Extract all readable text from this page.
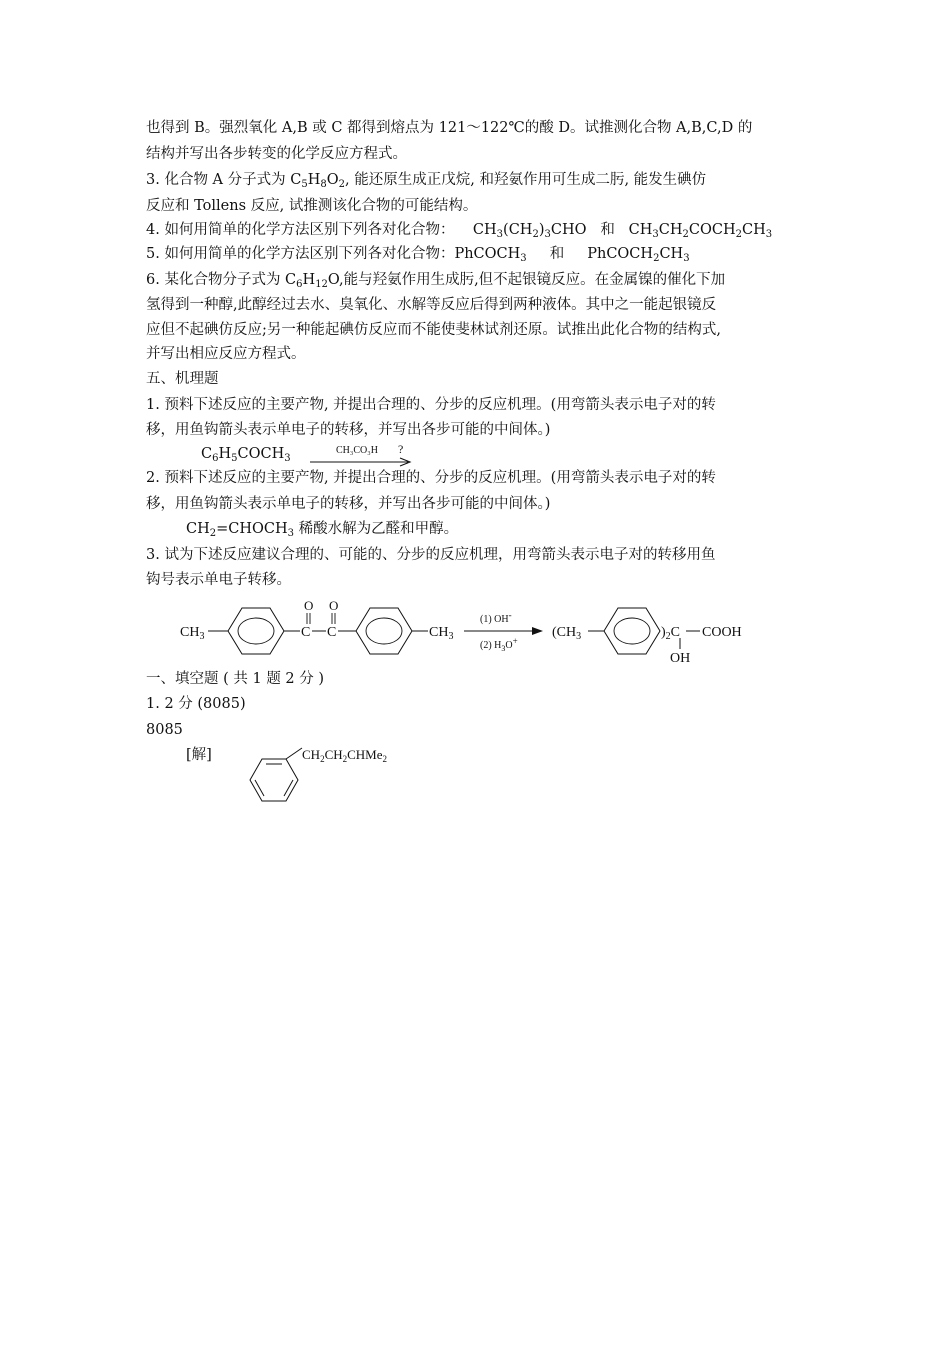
也得到 B。强烈氧化 A,B 或 C 都得到熔点为 121～122℃的酸 D。试推测化合物 A,B,C,D 的
结构并写出各步转变的化学反应方程式。
3. 化合物 A 分子式为 $C_5H_8O_2$, 能还原生成正戊烷, 和羟氨作用可生成二肟, 能发生碘仿
反应和 Tollens 反应, 试推测该化合物的可能结构。
4. 如何用简单的化学方法区别下列各对化合物： $CH_3(CH_2)_3CHO$ 和 $CH_3CH_2COCH_2CH_3$
5. 如何用简单的化学方法区别下列各对化合物：PhCOCH$_3$ 和 $PhCOCH_2CH_3$
6. 某化合物分子式为 $C_6H_{12}O$,能与羟氨作用生成肟,但不起银镜反应。在金属镍的催化下加
氢得到一种醇,此醇经过去水、臭氧化、水解等反应后得到两种液体。其中之一能起银镜反
应但不起碘仿反应;另一种能起碘仿反应而不能使斐林试剂还原。试推出此化合物的结构式,
并写出相应反应方程式。
五、机理题
1. 预料下述反应的主要产物, 并提出合理的、分步的反应机理。(用弯箭头表示电子对的转
移，用鱼钩箭头表示单电子的转移，并写出各步可能的中间体。)
$C_6H_5COCH_3$
CH₃CO₃H ?
2. 预料下述反应的主要产物, 并提出合理的、分步的反应机理。(用弯箭头表示电子对的转
移，用鱼钩箭头表示单电子的转移，并写出各步可能的中间体。)
$CH_2=CHOCH_3$ 稀酸水解为乙醛和甲醇。
3. 试为下述反应建议合理的、可能的、分步的反应机理，用弯箭头表示电子对的转移用鱼
钩号表示单电子转移。
$CH_3$	C
O
C
O
$CH_3$
(1) OH-
(2) $H_3O+$
($CH_3$	)$_2C$ COOH
OH
一、填空题 ( 共 1 题 2 分 )
1. 2 分 (8085)
8085
[解]	$CH_2CH_2CHMe_2$
